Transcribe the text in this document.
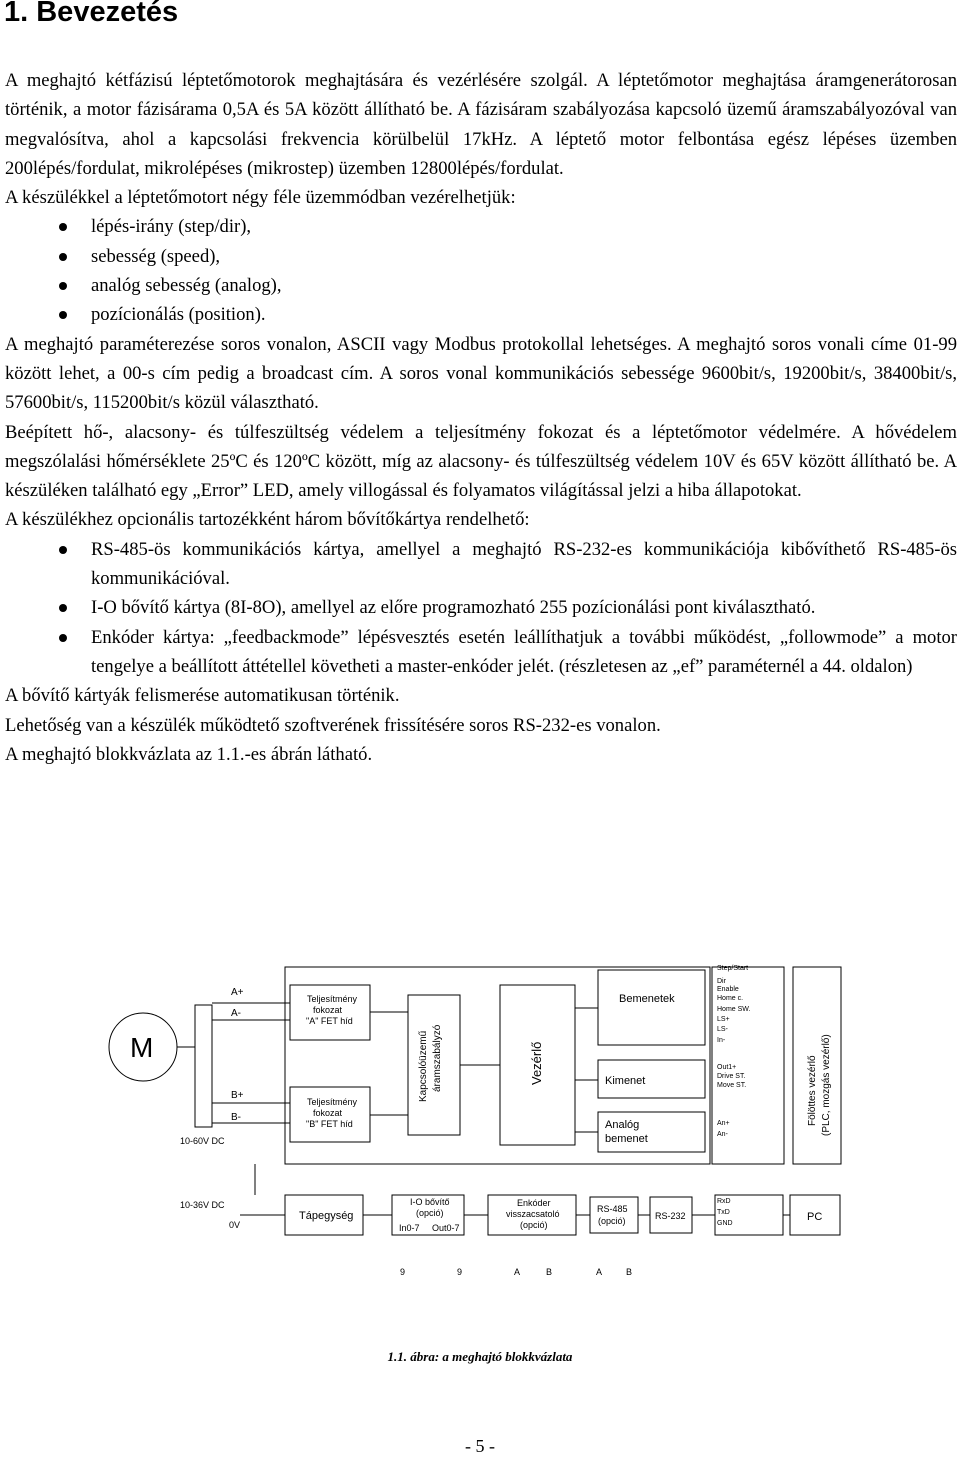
1. Bevezetés

A meghajtó kétfázisú léptetőmotorok meghajtására és vezérlésére szolgál. A léptetőmotor meghajtása áramgenerátorosan történik, a motor fázisárama 0,5A és 5A között állítható be. A fázisáram szabályozása kapcsoló üzemű áramszabályozóval van megvalósítva, ahol a kapcsolási frekvencia körülbelül 17kHz. A léptető motor felbontása egész lépéses üzemben 200lépés/fordulat, mikrolépéses (mikrostep) üzemben 12800lépés/fordulat.

A készülékkel a léptetőmotort négy féle üzemmódban vezérelhetjük:

lépés-irány (step/dir),
sebesség (speed),
analóg sebesség (analog),
pozícionálás (position).

A meghajtó paraméterezése soros vonalon, ASCII vagy Modbus protokollal lehetséges. A meghajtó soros vonali címe 01-99 között lehet, a 00-s cím pedig a broadcast cím. A soros vonal kommunikációs sebessége 9600bit/s, 19200bit/s, 38400bit/s, 57600bit/s, 115200bit/s közül választható.

Beépített hő-, alacsony- és túlfeszültség védelem a teljesítmény fokozat és a léptetőmotor védelmére. A hővédelem megszólalási hőmérséklete 25ºC és 120ºC között, míg az alacsony- és túlfeszültség védelem 10V és 65V között állítható be. A készüléken található egy „Error” LED, amely villogással és folyamatos világítással jelzi a hiba állapotokat.

A készülékhez opcionális tartozékként három bővítőkártya rendelhető:

RS-485-ös kommunikációs kártya, amellyel a meghajtó RS-232-es kommunikációja kibővíthető RS-485-ös kommunikációval.
I-O bővítő kártya (8I-8O), amellyel az előre programozható 255 pozícionálási pont kiválasztható.
Enkóder kártya: „feedbackmode” lépésvesztés esetén leállíthatjuk a további működést, „followmode” a motor tengelye a beállított áttétellel követheti a master-enkóder jelét. (részletesen az „ef” paraméternél a 44. oldalon)

A bővítő kártyák felismerése automatikusan történik.

Lehetőség van a készülék működtető szoftverének frissítésére soros RS-232-es vonalon.

A meghajtó blokkvázlata az 1.1.-es ábrán látható.

M
A+
A-
B+
B-
10-60V DC
Teljesítmény
fokozat
"A" FET híd
Teljesítmény
fokozat
"B" FET híd
Kapcsolóüzemű áramszabályzó	Vezérlő
Bemenetek
Kimenet
Analóg
bemenet
Step/Start
Dir
Enable
Home c.
Home SW.
LS+
LS-
In-
Out1+
Drive ST.
Move ST.
An+
An-
Fölöttes vezérlő (PLC, mozgás vezérlő)
10-36V DC
0V
Tápegység
I-O bővítő
(opció)
In0-7 Out0-7
Enkóder
visszacsatoló
(opció)
RS-485
(opció)	RS-232
RxD
TxD
GND
PC
9	9	A	B	A	B
1.1. ábra: a meghajtó blokkvázlata
- 5 -
